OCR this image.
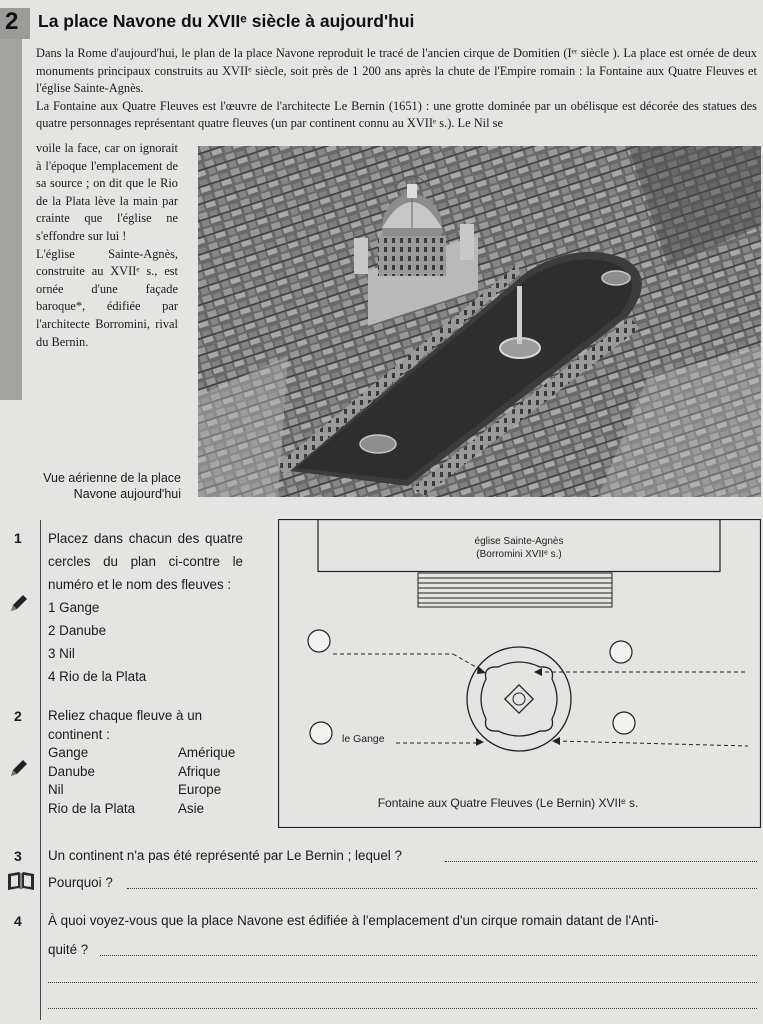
2 La place Navone du XVIIᵉ siècle à aujourd'hui
Dans la Rome d'aujourd'hui, le plan de la place Navone reproduit le tracé de l'ancien cirque de Domitien (Iᵉʳ siècle ). La place est ornée de deux monuments principaux construits au XVIIᵉ siècle, soit près de 1 200 ans après la chute de l'Empire romain : la Fontaine aux Quatre Fleuves et l'église Sainte-Agnès.
La Fontaine aux Quatre Fleuves est l'œuvre de l'architecte Le Bernin (1651) : une grotte dominée par un obélisque est décorée des statues des quatre personnages représentant quatre fleuves (un par continent connu au XVIIᵉ s.). Le Nil se
voile la face, car on ignorait à l'époque l'emplacement de sa source ; on dit que le Rio de la Plata lève la main par crainte que l'église ne s'effondre sur lui !
L'église Sainte-Agnès, construite au XVIIᵉ s., est ornée d'une façade baroque*, édifiée par l'architecte Borromini, rival du Bernin.
Vue aérienne de la place
Navone aujourd'hui
1 Placez dans chacun des quatre cercles du plan ci-contre le numéro et le nom des fleuves :
1 Gange
2 Danube
3 Nil
4 Rio de la Plata
2 Reliez chaque fleuve à un continent :
Gange
Danube
Nil
Rio de la Plata
Amérique
Afrique
Europe
Asie
église Sainte-Agnès
(Borromini XVIIᵉ s.)
le Gange
Fontaine aux Quatre Fleuves (Le Bernin) XVIIᵉ s.
3 Un continent n'a pas été représenté par Le Bernin ; lequel ?
Pourquoi ?
4 À quoi voyez-vous que la place Navone est édifiée à l'emplacement d'un cirque romain datant de l'Anti-
quité ?
